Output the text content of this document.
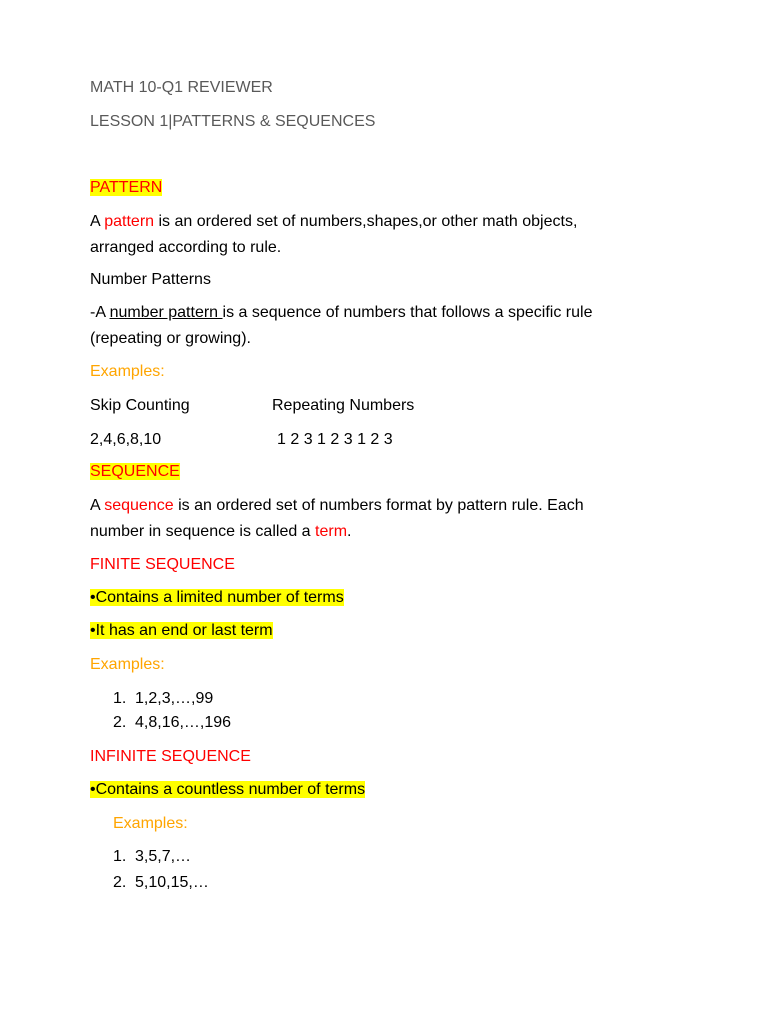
MATH 10-Q1 REVIEWER
LESSON 1|PATTERNS & SEQUENCES
PATTERN
A pattern is an ordered set of numbers,shapes,or other math objects,
arranged according to rule.
Number Patterns
-A number pattern is a sequence of numbers that follows a specific rule
(repeating or growing).
Examples:
Skip Counting	Repeating Numbers
2,4,6,8,10	1 2 3 1 2 3 1 2 3
SEQUENCE
A sequence is an ordered set of numbers format by pattern rule. Each
number in sequence is called a term.
FINITE SEQUENCE
•Contains a limited number of terms
•It has an end or last term
Examples:
1. 1,2,3,…,99
2. 4,8,16,…,196
INFINITE SEQUENCE
•Contains a countless number of terms
Examples:
1. 3,5,7,…
2. 5,10,15,…
